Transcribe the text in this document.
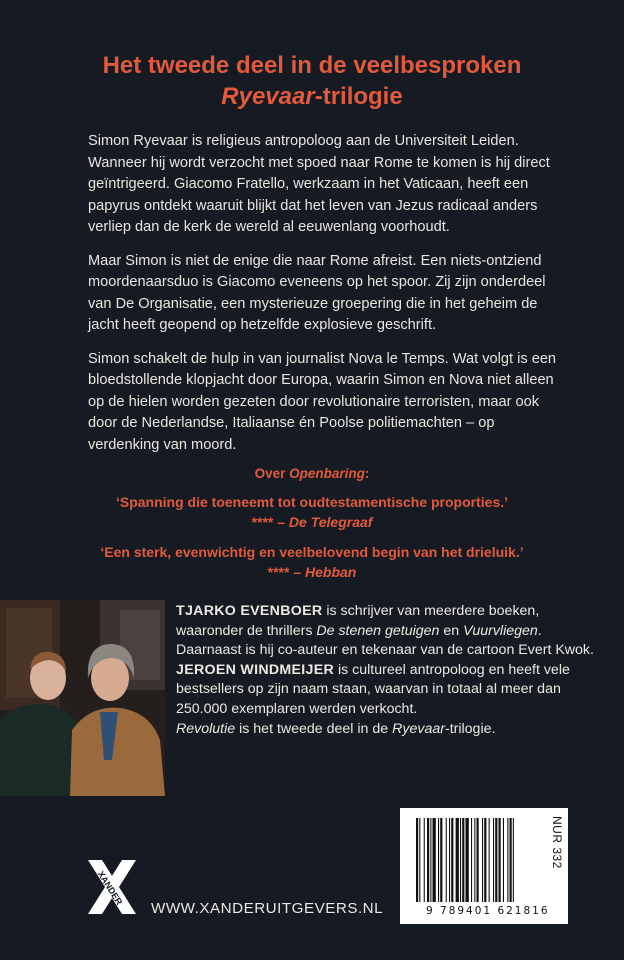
Het tweede deel in de veelbesproken
Ryevaar-trilogie

Simon Ryevaar is religieus antropoloog aan de Universiteit Leiden. Wanneer hij wordt verzocht met spoed naar Rome te komen is hij direct geïntrigeerd. Giacomo Fratello, werkzaam in het Vaticaan, heeft een papyrus ontdekt waaruit blijkt dat het leven van Jezus radicaal anders verliep dan de kerk de wereld al eeuwenlang voorhoudt.

Maar Simon is niet de enige die naar Rome afreist. Een niets-ontziend moordenaarsduo is Giacomo eveneens op het spoor. Zij zijn onderdeel van De Organisatie, een mysterieuze groepering die in het geheim de jacht heeft geopend op hetzelfde explosieve geschrift.

Simon schakelt de hulp in van journalist Nova le Temps. Wat volgt is een bloedstollende klopjacht door Europa, waarin Simon en Nova niet alleen op de hielen worden gezeten door revolutionaire terroristen, maar ook door de Nederlandse, Italiaanse én Poolse politiemachten – op verdenking van moord.

Over Openbaring:
‘Spanning die toeneemt tot oudtestamentische proporties.’
**** – De Telegraaf
‘Een sterk, evenwichtig en veelbelovend begin van het drieluik.’
**** – Hebban
TJARKO EVENBOER is schrijver van meerdere boeken, waaronder de thrillers De stenen getuigen en Vuurvliegen. Daarnaast is hij co-auteur en tekenaar van de cartoon Evert Kwok.
JEROEN WINDMEIJER is cultureel antropoloog en heeft vele bestsellers op zijn naam staan, waarvan in totaal al meer dan 250.000 exemplaren werden verkocht.
Revolutie is het tweede deel in de Ryevaar-trilogie.
9 789401 621816
NUR 332
XANDER
WWW.XANDERUITGEVERS.NL
